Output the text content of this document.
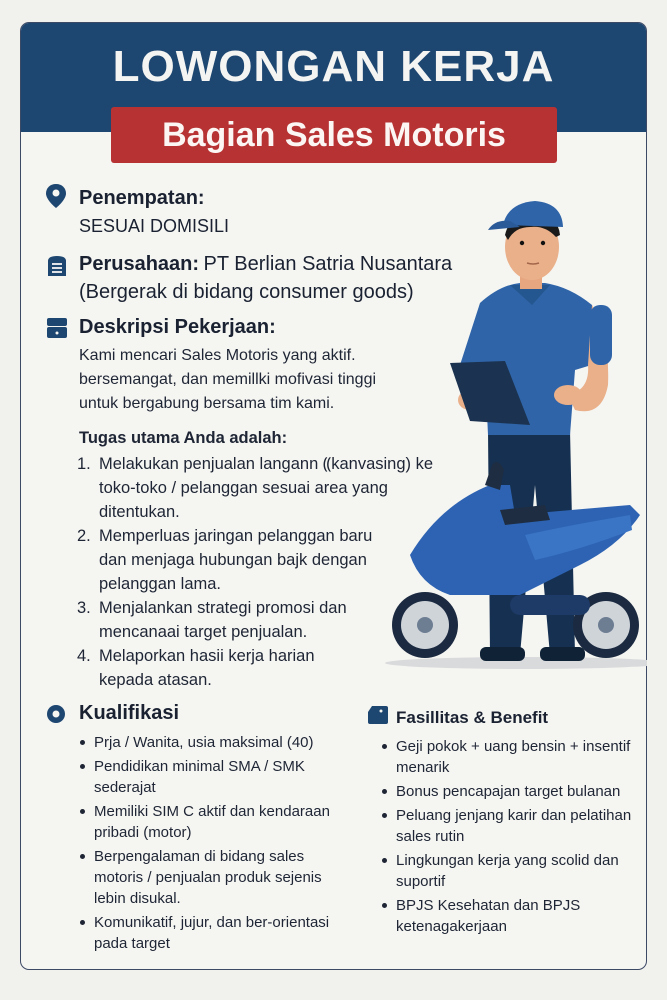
LOWONGAN KERJA
Bagian Sales Motoris
Penempatan:
SESUAI DOMISILI
Perusahaan: PT Berlian Satria Nusantara
(Bergerak di bidang consumer goods)
Deskripsi Pekerjaan:
Kami mencari Sales Motoris yang aktif.
bersemangat, dan memillki mofivasi tinggi
untuk bergabung bersama tim kami.
Tugas utama Anda adalah:
1. Melakukan penjualan langann ⸨kanvasing) ke
toko-toko / pelanggan sesuai area yang
ditentukan.
2. Memperluas jaringan pelanggan baru
dan menjaga hubungan bajk dengan
pelanggan lama.
3. Menjalankan strategi promosi dan
mencanaai target penjualan.
4. Melaporkan hasii kerja harian
kepada atasan.
Kualifikasi
Prja / Wanita, usia maksimal (40)
Pendidikan minimal SMA / SMK sederajat
Memiliki SIM C aktif dan kendaraan pribadi (motor)
Berpengalaman di bidang sales motoris / penjualan produk sejenis lebin disukal.
Komunikatif, jujur, dan ber-orientasi pada target
Fasillitas & Benefit
Geji pokok + uang bensin + insentif menarik
Bonus pencapajan target bulanan
Peluang jenjang karir dan pelatihan sales rutin
Lingkungan kerja yang scolid dan suportif
BPJS Kesehatan dan BPJS ketenagakerjaan
